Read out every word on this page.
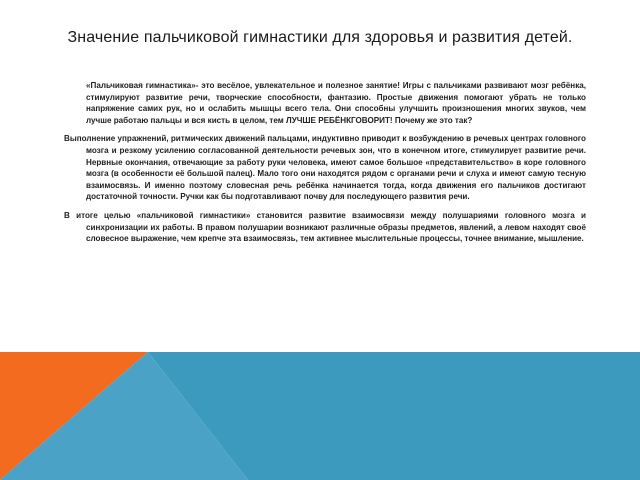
Значение пальчиковой гимнастики для здоровья и развития детей.

«Пальчиковая гимнастика»- это весёлое, увлекательное и полезное занятие! Игры с пальчиками развивают мозг ребёнка, стимулируют развитие речи, творческие способности, фантазию. Простые движения помогают убрать не только напряжение самих рук, но и ослабить мышцы всего тела. Они способны улучшить произношения многих звуков, чем лучше работаю пальцы и вся кисть в целом, тем ЛУЧШЕ РЕБЁНКГОВОРИТ! Почему же это так?

Выполнение упражнений, ритмических движений пальцами, индуктивно приводит к возбуждению в речевых центрах головного мозга и резкому усилению согласованной деятельности речевых зон, что в конечном итоге, стимулирует развитие речи. Нервные окончания, отвечающие за работу руки человека, имеют самое большое «представительство» в коре головного мозга (в особенности её большой палец). Мало того они находятся рядом с органами речи и слуха и имеют самую тесную взаимосвязь. И именно поэтому словесная речь ребёнка начинается тогда, когда движения его пальчиков достигают достаточной точности. Ручки как бы подготавливают почву для последующего развития речи.

В итоге целью «пальчиковой гимнастики» становится развитие взаимосвязи между полушариями головного мозга и синхронизации их работы. В правом полушарии возникают различные образы предметов, явлений, а левом находят своё словесное выражение, чем крепче эта взаимосвязь, тем активнее мыслительные процессы, точнее внимание, мышление.
